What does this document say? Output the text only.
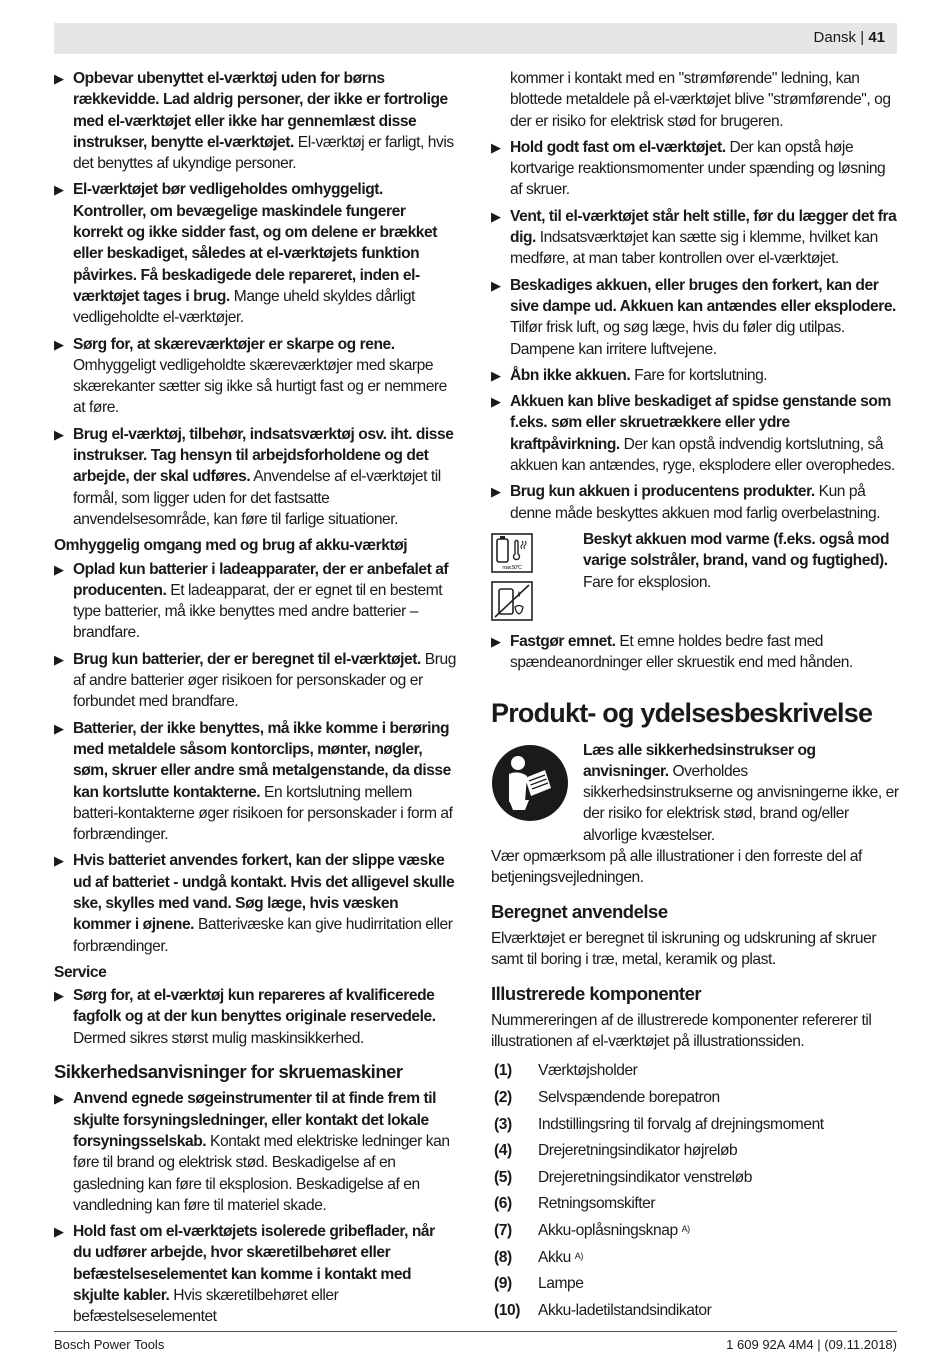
Dansk | 41
▶ Opbevar ubenyttet el-værktøj uden for børns rækkevidde. Lad aldrig personer, der ikke er fortrolige med el-værktøjet eller ikke har gennemlæst disse instrukser, benytte el-værktøjet. El-værktøj er farligt, hvis det benyttes af ukyndige personer.
▶ El-værktøjet bør vedligeholdes omhyggeligt. Kontroller, om bevægelige maskindele fungerer korrekt og ikke sidder fast, og om delene er brækket eller beskadiget, således at el-værktøjets funktion påvirkes. Få beskadigede dele repareret, inden el-værktøjet tages i brug. Mange uheld skyldes dårligt vedligeholdte el-værktøjer.
▶ Sørg for, at skæreværktøjer er skarpe og rene. Omhyggeligt vedligeholdte skæreværktøjer med skarpe skærekanter sætter sig ikke så hurtigt fast og er nemmere at føre.
▶ Brug el-værktøj, tilbehør, indsatsværktøj osv. iht. disse instrukser. Tag hensyn til arbejdsforholdene og det arbejde, der skal udføres. Anvendelse af el-værktøjet til formål, som ligger uden for det fastsatte anvendelsesområde, kan føre til farlige situationer.
Omhyggelig omgang med og brug af akku-værktøj
▶ Oplad kun batterier i ladeapparater, der er anbefalet af producenten. Et ladeapparat, der er egnet til en bestemt type batterier, må ikke benyttes med andre batterier – brandfare.
▶ Brug kun batterier, der er beregnet til el-værktøjet. Brug af andre batterier øger risikoen for personskader og er forbundet med brandfare.
▶ Batterier, der ikke benyttes, må ikke komme i berøring med metaldele såsom kontorclips, mønter, nøgler, søm, skruer eller andre små metalgenstande, da disse kan kortslutte kontakterne. En kortslutning mellem batteri-kontakterne øger risikoen for personskader i form af forbrændinger.
▶ Hvis batteriet anvendes forkert, kan der slippe væske ud af batteriet - undgå kontakt. Hvis det alligevel skulle ske, skylles med vand. Søg læge, hvis væsken kommer i øjnene. Batterivæske kan give hudirritation eller forbrændinger.
Service
▶ Sørg for, at el-værktøj kun repareres af kvalificerede fagfolk og at der kun benyttes originale reservedele. Dermed sikres størst mulig maskinsikkerhed.
Sikkerhedsanvisninger for skruemaskiner
▶ Anvend egnede søgeinstrumenter til at finde frem til skjulte forsyningsledninger, eller kontakt det lokale forsyningsselskab. Kontakt med elektriske ledninger kan føre til brand og elektrisk stød. Beskadigelse af en gasledning kan føre til eksplosion. Beskadigelse af en vandledning kan føre til materiel skade.
▶ Hold fast om el-værktøjets isolerede gribeflader, når du udfører arbejde, hvor skæretilbehøret eller befæstelseselementet kan komme i kontakt med skjulte kabler. Hvis skæretilbehøret eller befæstelseselementet

kommer i kontakt med en "strømførende" ledning, kan blottede metaldele på el-værktøjet blive "strømførende", og der er risiko for elektrisk stød for brugeren.

▶ Hold godt fast om el-værktøjet. Der kan opstå høje kortvarige reaktionsmomenter under spænding og løsning af skruer.
▶ Vent, til el-værktøjet står helt stille, før du lægger det fra dig. Indsatsværktøjet kan sætte sig i klemme, hvilket kan medføre, at man taber kontrollen over el-værktøjet.
▶ Beskadiges akkuen, eller bruges den forkert, kan der sive dampe ud. Akkuen kan antændes eller eksplodere. Tilfør frisk luft, og søg læge, hvis du føler dig utilpas. Dampene kan irritere luftvejene.
▶ Åbn ikke akkuen. Fare for kortslutning.
▶ Akkuen kan blive beskadiget af spidse genstande som f.eks. søm eller skruetrækkere eller ydre kraftpåvirkning. Der kan opstå indvendig kortslutning, så akkuen kan antændes, ryge, eksplodere eller overophedes.
▶ Brug kun akkuen i producentens produkter. Kun på denne måde beskyttes akkuen mod farlig overbelastning.
max.50°C
Beskyt akkuen mod varme (f.eks. også mod varige solstråler, brand, vand og fugtighed). Fare for eksplosion.
▶ Fastgør emnet. Et emne holdes bedre fast med spændeanordninger eller skruestik end med hånden.
Produkt- og ydelsesbeskrivelse
Læs alle sikkerhedsinstrukser og anvisninger. Overholdes sikkerhedsinstrukserne og anvisningerne ikke, er der risiko for elektrisk stød, brand og/eller alvorlige kvæstelser.

Vær opmærksom på alle illustrationer i den forreste del af betjeningsvejledningen.

Beregnet anvendelse

Elværktøjet er beregnet til iskruning og udskruning af skruer samt til boring i træ, metal, keramik og plast.

Illustrerede komponenter

Nummereringen af de illustrerede komponenter refererer til illustrationen af el-værktøjet på illustrationssiden.

(1)	Værktøjsholder
(2)	Selvspændende borepatron
(3)	Indstillingsring til forvalg af drejningsmoment
(4)	Drejeretningsindikator højreløb
(5)	Drejeretningsindikator venstreløb
(6)	Retningsomskifter
(7)	Akku-oplåsningsknap
$^{A)}$
(8)	Akku
$^{A)}$
(9)	Lampe
(10)	Akku-ladetilstandsindikator
Bosch Power Tools	1 609 92A 4M4 | (09.11.2018)
